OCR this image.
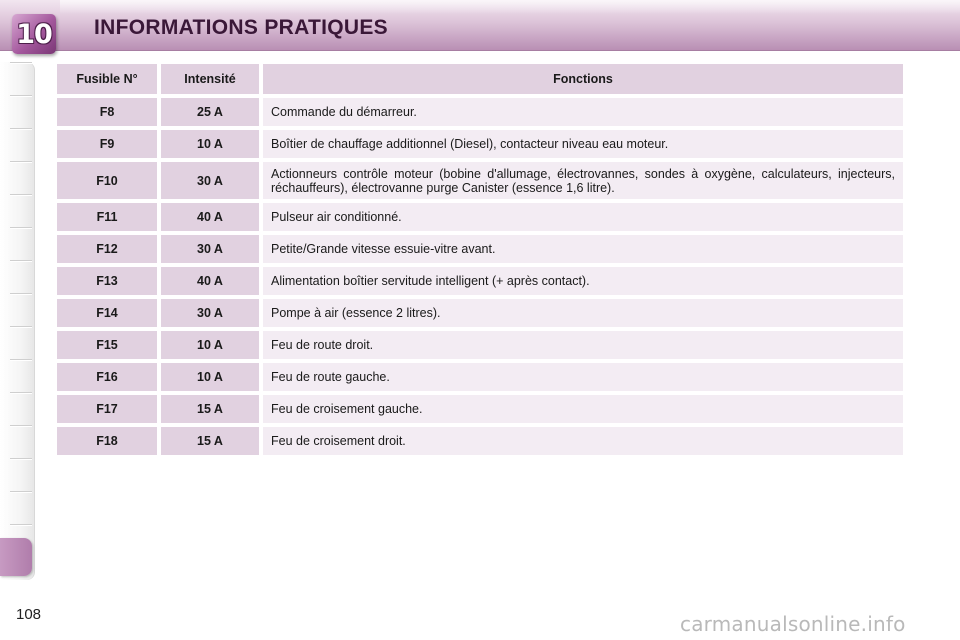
10 INFORMATIONS PRATIQUES
Fusible N°	Intensité	Fonctions
F8	25 A	Commande du démarreur.
F9	10 A	Boîtier de chauffage additionnel (Diesel), contacteur niveau eau moteur.
F10	30 A	Actionneurs contrôle moteur (bobine d'allumage, électrovannes, sondes à oxygène, calculateurs, injecteurs, réchauffeurs), électrovanne purge Canister (essence 1,6 litre).
F11	40 A	Pulseur air conditionné.
F12	30 A	Petite/Grande vitesse essuie-vitre avant.
F13	40 A	Alimentation boîtier servitude intelligent (+ après contact).
F14	30 A	Pompe à air (essence 2 litres).
F15	10 A	Feu de route droit.
F16	10 A	Feu de route gauche.
F17	15 A	Feu de croisement gauche.
F18	15 A	Feu de croisement droit.
108	carmanualsonline.info
